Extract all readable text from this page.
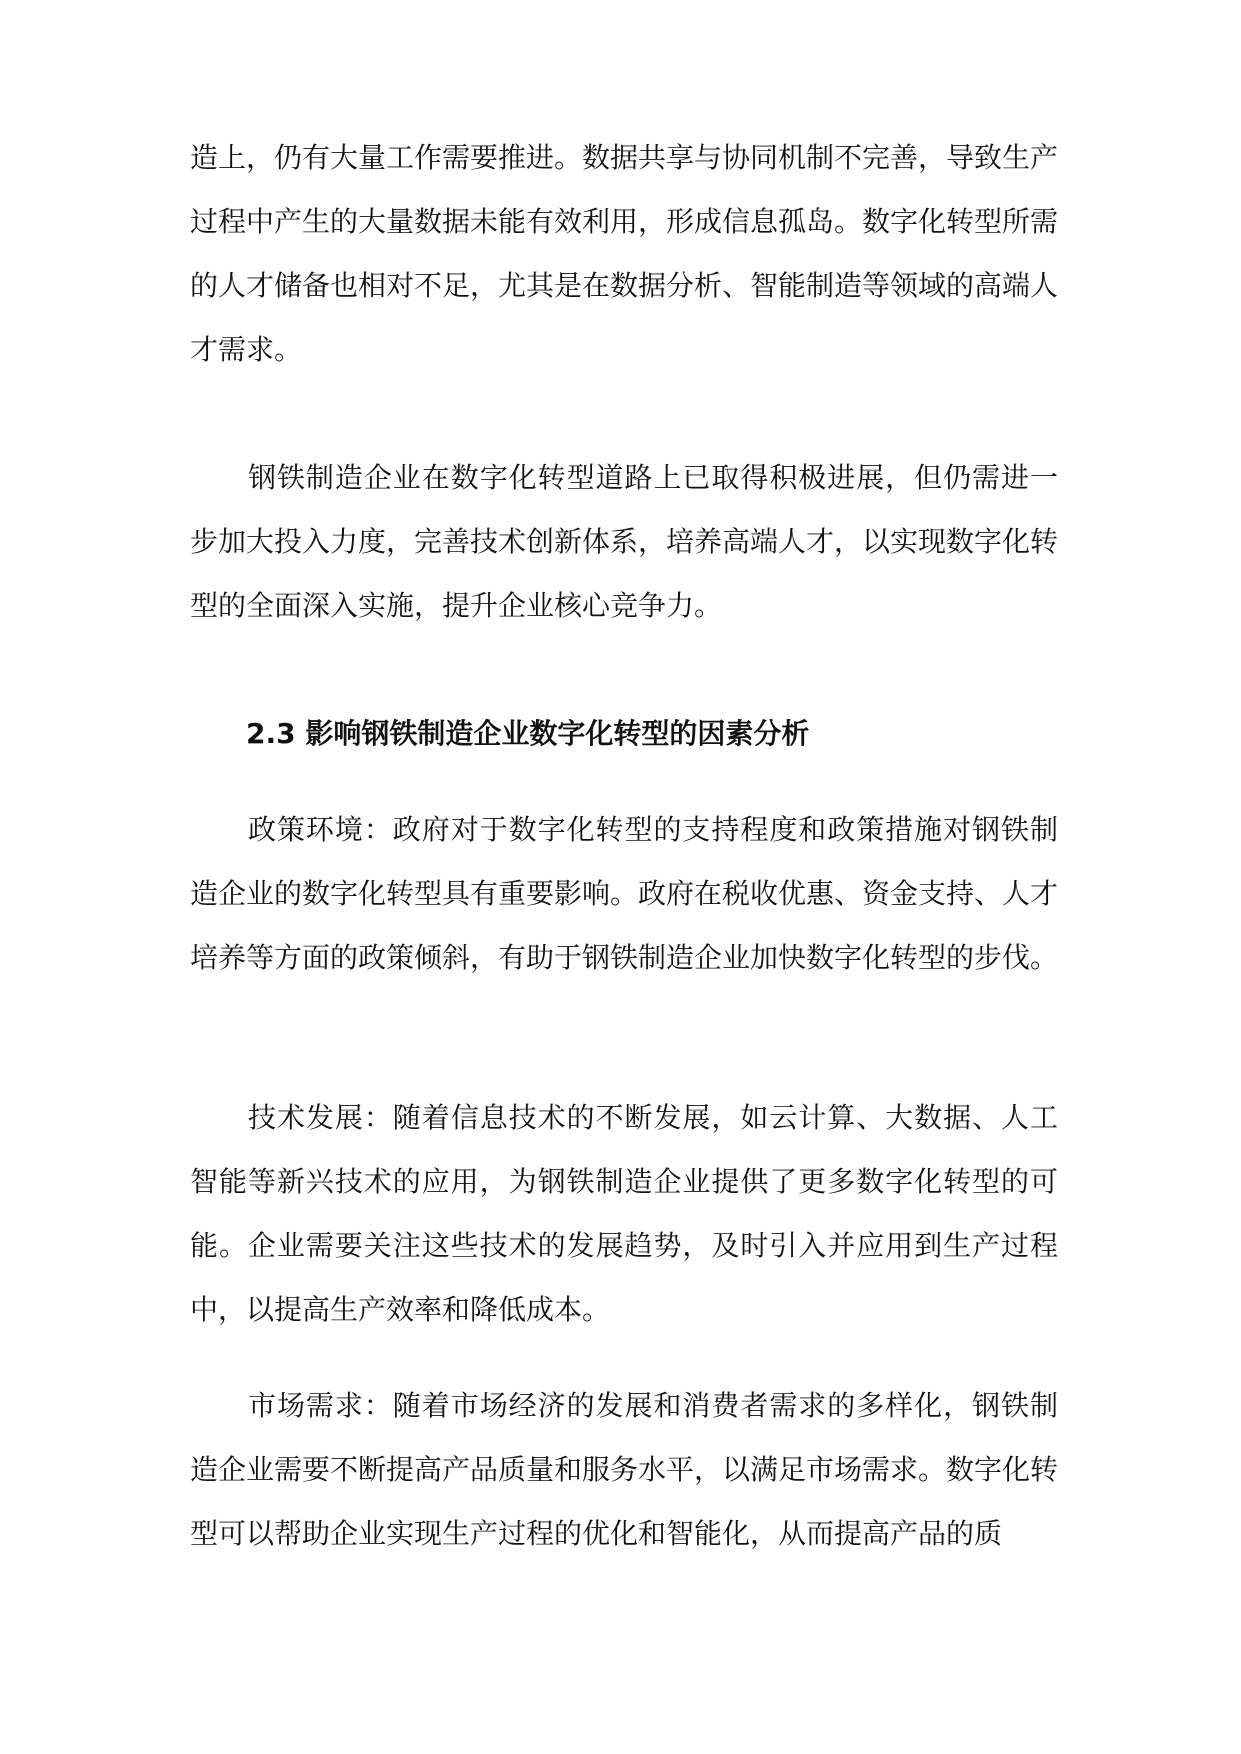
造上，仍有大量工作需要推进。数据共享与协同机制不完善，导致生产过程中产生的大量数据未能有效利用，形成信息孤岛。数字化转型所需的人才储备也相对不足，尤其是在数据分析、智能制造等领域的高端人才需求。

钢铁制造企业在数字化转型道路上已取得积极进展，但仍需进一步加大投入力度，完善技术创新体系，培养高端人才，以实现数字化转型的全面深入实施，提升企业核心竞争力。

2.3 影响钢铁制造企业数字化转型的因素分析

政策环境：政府对于数字化转型的支持程度和政策措施对钢铁制造企业的数字化转型具有重要影响。政府在税收优惠、资金支持、人才培养等方面的政策倾斜，有助于钢铁制造企业加快数字化转型的步伐。

技术发展：随着信息技术的不断发展，如云计算、大数据、人工智能等新兴技术的应用，为钢铁制造企业提供了更多数字化转型的可能。企业需要关注这些技术的发展趋势，及时引入并应用到生产过程中，以提高生产效率和降低成本。

市场需求：随着市场经济的发展和消费者需求的多样化，钢铁制造企业需要不断提高产品质量和服务水平，以满足市场需求。数字化转型可以帮助企业实现生产过程的优化和智能化，从而提高产品的质
